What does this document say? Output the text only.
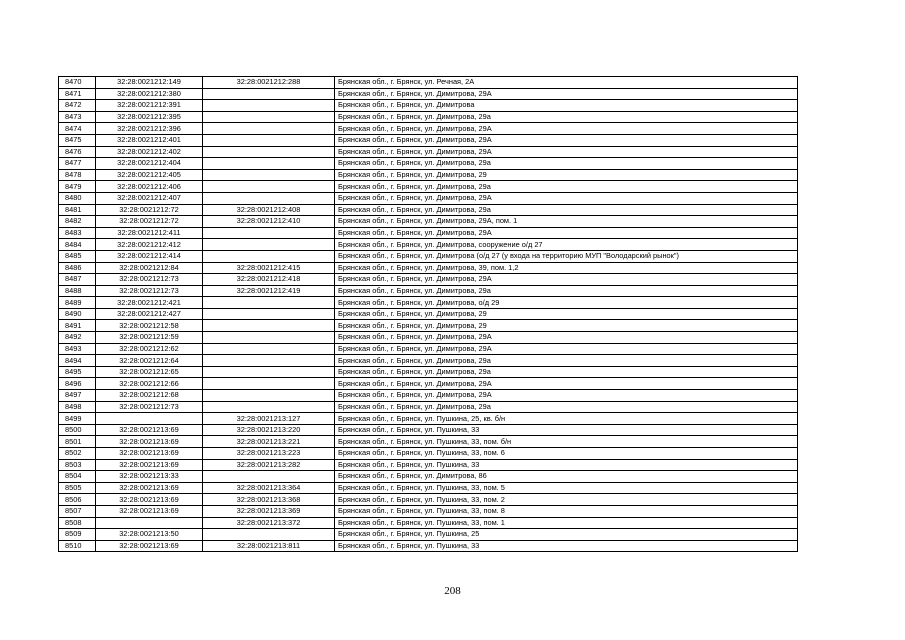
8470	32:28:0021212:149	32:28:0021212:288	Брянская обл., г. Брянск, ул. Речная, 2А
8471	32:28:0021212:380		Брянская обл., г. Брянск, ул. Димитрова, 29А
8472	32:28:0021212:391		Брянская обл., г. Брянск, ул. Димитрова
8473	32:28:0021212:395		Брянская обл., г. Брянск, ул. Димитрова, 29а
8474	32:28:0021212:396		Брянская обл., г. Брянск, ул. Димитрова, 29А
8475	32:28:0021212:401		Брянская обл., г. Брянск, ул. Димитрова, 29А
8476	32:28:0021212:402		Брянская обл., г. Брянск, ул. Димитрова, 29А
8477	32:28:0021212:404		Брянская обл., г. Брянск, ул. Димитрова, 29а
8478	32:28:0021212:405		Брянская обл., г. Брянск, ул. Димитрова, 29
8479	32:28:0021212:406		Брянская обл., г. Брянск, ул. Димитрова, 29а
8480	32:28:0021212:407		Брянская обл., г. Брянск, ул. Димитрова, 29А
8481	32:28:0021212:72	32:28:0021212:408	Брянская обл., г. Брянск, ул. Димитрова, 29а
8482	32:28:0021212:72	32:28:0021212:410	Брянская обл., г. Брянск, ул. Димитрова, 29А, пом. 1
8483	32:28:0021212:411		Брянская обл., г. Брянск, ул. Димитрова, 29А
8484	32:28:0021212:412		Брянская обл., г. Брянск, ул. Димитрова, сооружение о/д 27
8485	32:28:0021212:414		Брянская обл., г. Брянск, ул. Димитрова (о/д 27 (у входа на территорию МУП "Володарский рынок")
8486	32:28:0021212:84	32:28:0021212:415	Брянская обл., г. Брянск, ул. Димитрова, 39, пом. 1,2
8487	32:28:0021212:73	32:28:0021212:418	Брянская обл., г. Брянск, ул. Димитрова, 29А
8488	32:28:0021212:73	32:28:0021212:419	Брянская обл., г. Брянск, ул. Димитрова, 29а
8489	32:28:0021212:421		Брянская обл., г. Брянск, ул. Димитрова, о/д 29
8490	32:28:0021212:427		Брянская обл., г. Брянск, ул. Димитрова, 29
8491	32:28:0021212:58		Брянская обл., г. Брянск, ул. Димитрова, 29
8492	32:28:0021212:59		Брянская обл., г. Брянск, ул. Димитрова, 29А
8493	32:28:0021212:62		Брянская обл., г. Брянск, ул. Димитрова, 29А
8494	32:28:0021212:64		Брянская обл., г. Брянск, ул. Димитрова, 29а
8495	32:28:0021212:65		Брянская обл., г. Брянск, ул. Димитрова, 29а
8496	32:28:0021212:66		Брянская обл., г. Брянск, ул. Димитрова, 29А
8497	32:28:0021212:68		Брянская обл., г. Брянск, ул. Димитрова, 29А
8498	32:28:0021212:73		Брянская обл., г. Брянск, ул. Димитрова, 29а
8499		32:28:0021213:127	Брянская обл., г. Брянск, ул. Пушкина, 25, кв. б/н
8500	32:28:0021213:69	32:28:0021213:220	Брянская обл., г. Брянск, ул. Пушкина, 33
8501	32:28:0021213:69	32:28:0021213:221	Брянская обл., г. Брянск, ул. Пушкина, 33, пом. б/н
8502	32:28:0021213:69	32:28:0021213:223	Брянская обл., г. Брянск, ул. Пушкина, 33, пом. 6
8503	32:28:0021213:69	32:28:0021213:282	Брянская обл., г. Брянск, ул. Пушкина, 33
8504	32:28:0021213:33		Брянская обл., г. Брянск, ул. Димитрова, 86
8505	32:28:0021213:69	32:28:0021213:364	Брянская обл., г. Брянск, ул. Пушкина, 33, пом. 5
8506	32:28:0021213:69	32:28:0021213:368	Брянская обл., г. Брянск, ул. Пушкина, 33, пом. 2
8507	32:28:0021213:69	32:28:0021213:369	Брянская обл., г. Брянск, ул. Пушкина, 33, пом. 8
8508		32:28:0021213:372	Брянская обл., г. Брянск, ул. Пушкина, 33, пом. 1
8509	32:28:0021213:50		Брянская обл., г. Брянск, ул. Пушкина, 25
8510	32:28:0021213:69	32:28:0021213:811	Брянская обл., г. Брянск, ул. Пушкина, 33
208
